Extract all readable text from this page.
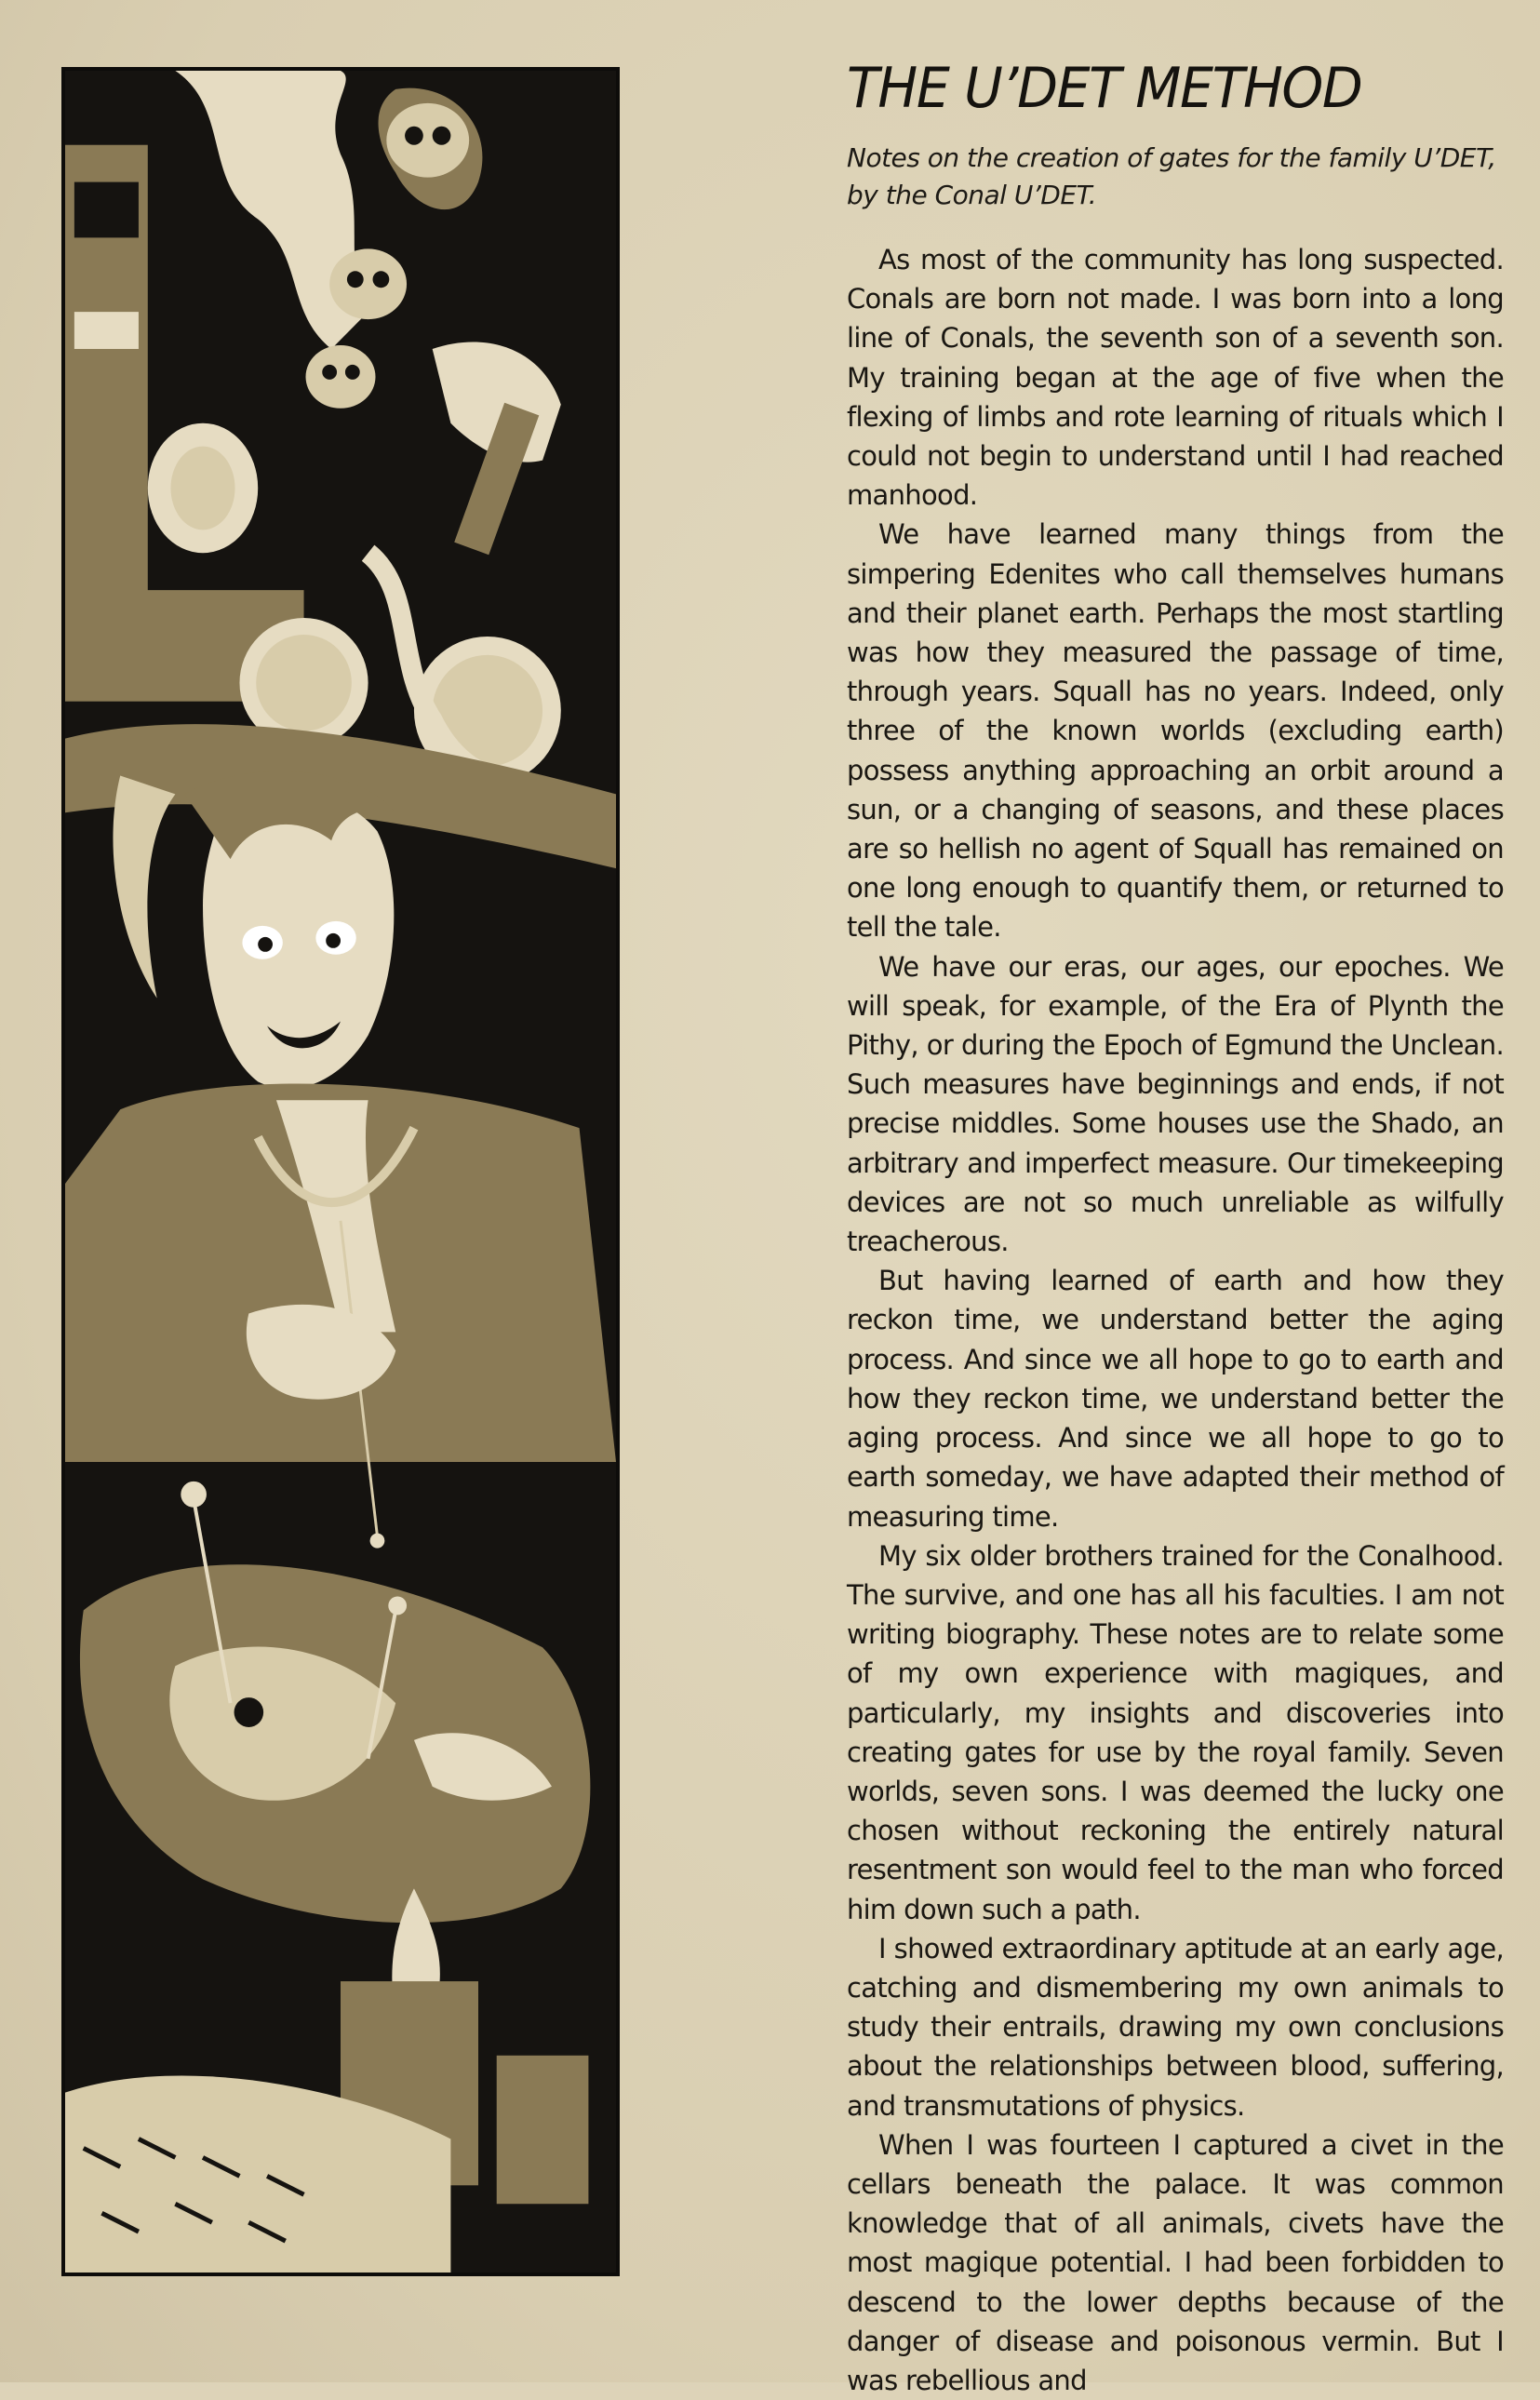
THE U’DET METHOD

Notes on the creation of gates for the family U’DET, by the Conal U’DET.

As most of the community has long suspected. Conals are born not made. I was born into a long line of Conals, the seventh son of a seventh son. My training began at the age of five when the flexing of limbs and rote learning of rituals which I could not begin to understand until I had reached manhood.

We have learned many things from the simpering Edenites who call themselves humans and their planet earth. Perhaps the most startling was how they measured the passage of time, through years. Squall has no years. Indeed, only three of the known worlds (excluding earth) possess anything approaching an orbit around a sun, or a changing of seasons, and these places are so hellish no agent of Squall has remained on one long enough to quantify them, or returned to tell the tale.

We have our eras, our ages, our epoches. We will speak, for example, of the Era of Plynth the Pithy, or during the Epoch of Egmund the Unclean. Such measures have beginnings and ends, if not precise middles. Some houses use the Shado, an arbitrary and imperfect measure. Our timekeeping devices are not so much unreliable as wilfully treacherous.

But having learned of earth and how they reckon time, we understand better the aging process. And since we all hope to go to earth and how they reckon time, we understand better the aging process. And since we all hope to go to earth someday, we have adapted their method of measuring time.

My six older brothers trained for the Conalhood. The survive, and one has all his faculties. I am not writing biography. These notes are to relate some of my own experience with magiques, and particularly, my insights and discoveries into creating gates for use by the royal family. Seven worlds, seven sons. I was deemed the lucky one chosen without reckoning the entirely natural resentment son would feel to the man who forced him down such a path.

I showed extraordinary aptitude at an early age, catching and dismembering my own animals to study their entrails, drawing my own conclusions about the relationships between blood, suffering, and transmutations of physics.

When I was fourteen I captured a civet in the cellars beneath the palace. It was common knowledge that of all animals, civets have the most magique potential. I had been forbidden to descend to the lower depths because of the danger of disease and poisonous vermin. But I was rebellious and
